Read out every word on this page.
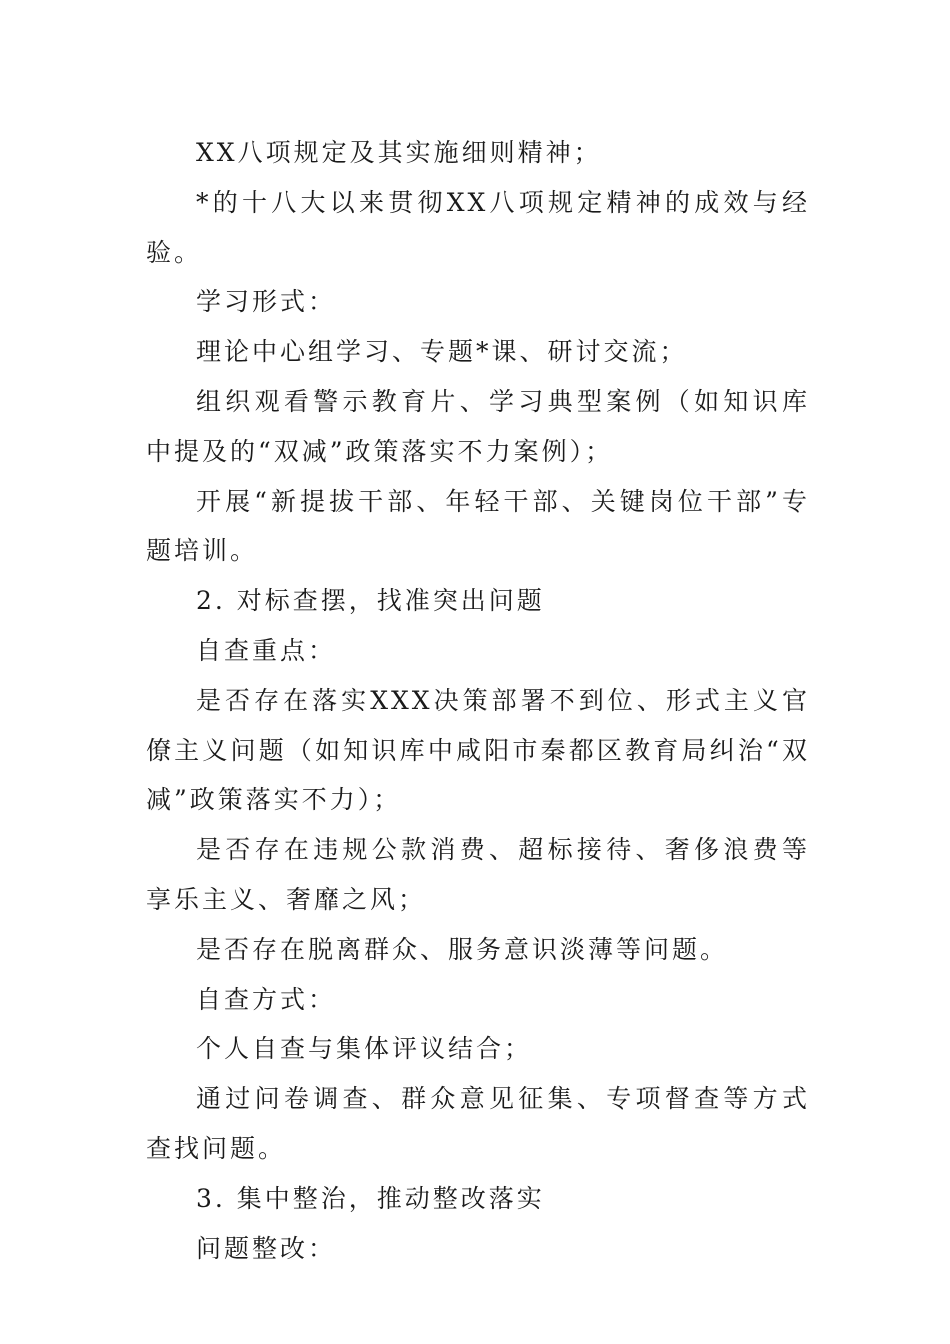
XX八项规定及其实施细则精神；

*的十八大以来贯彻XX八项规定精神的成效与经验。

学习形式：

理论中心组学习、专题*课、研讨交流；

组织观看警示教育片、学习典型案例（如知识库中提及的“双减”政策落实不力案例）；

开展“新提拔干部、年轻干部、关键岗位干部”专题培训。

2. 对标查摆，找准突出问题

自查重点：

是否存在落实XXX决策部署不到位、形式主义官僚主义问题（如知识库中咸阳市秦都区教育局纠治“双减”政策落实不力）；

是否存在违规公款消费、超标接待、奢侈浪费等享乐主义、奢靡之风；

是否存在脱离群众、服务意识淡薄等问题。

自查方式：

个人自查与集体评议结合；

通过问卷调查、群众意见征集、专项督查等方式查找问题。

3. 集中整治，推动整改落实

问题整改：
